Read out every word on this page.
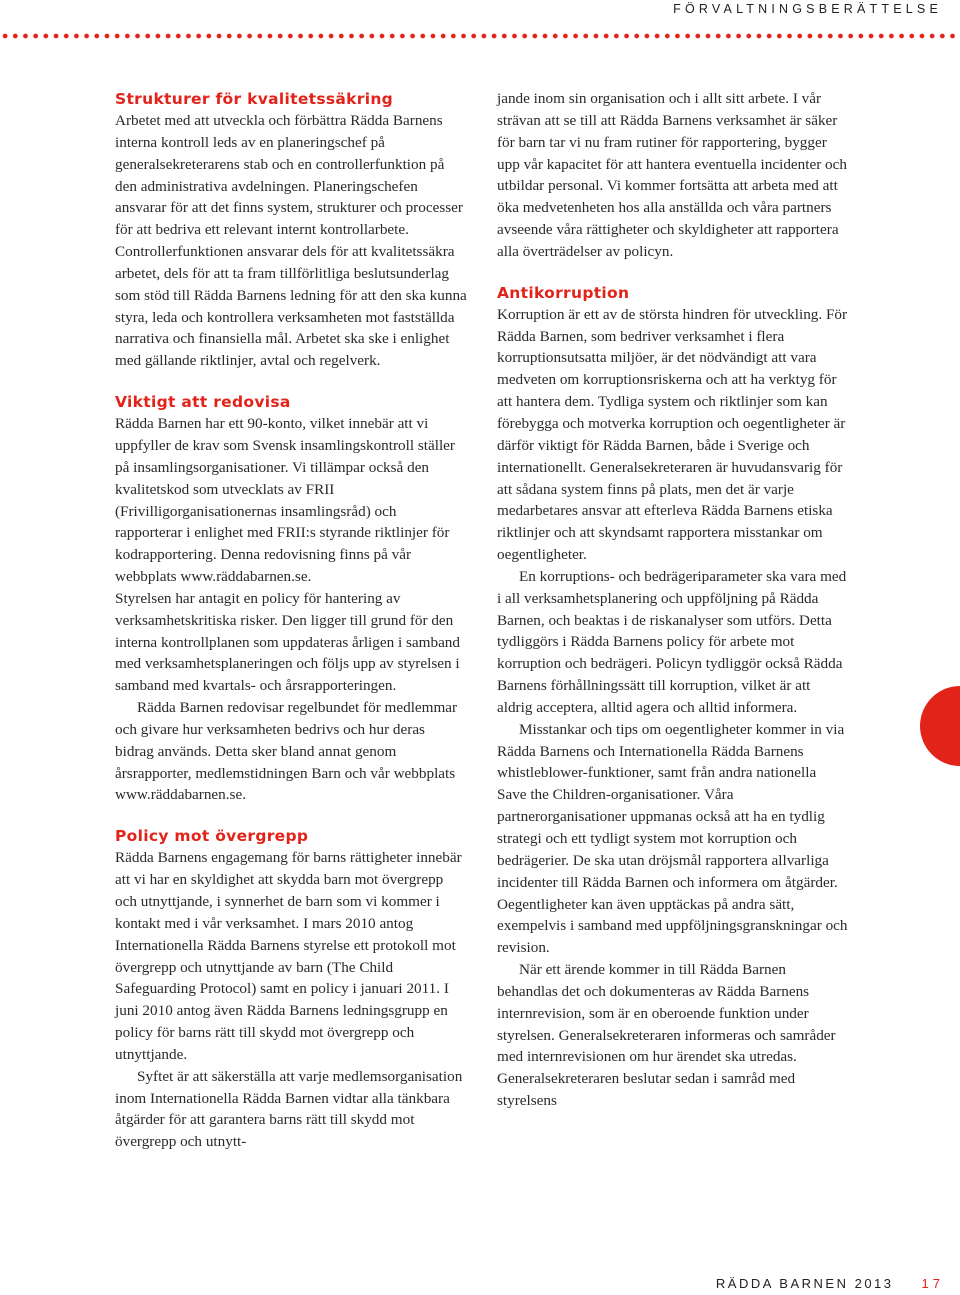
FÖRVALTNINGSBERÄTTELSE
Strukturer för kvalitetssäkring

Arbetet med att utveckla och förbättra Rädda Barnens interna kontroll leds av en planeringschef på generalsekreterarens stab och en controllerfunktion på den administrativa avdelningen. Planeringschefen ansvarar för att det finns system, strukturer och processer för att bedriva ett relevant internt kontrollarbete. Controllerfunktionen ansvarar dels för att kvalitetssäkra arbetet, dels för att ta fram tillförlitliga beslutsunderlag som stöd till Rädda Barnens ledning för att den ska kunna styra, leda och kontrollera verksamheten mot fastställda narrativa och finansiella mål. Arbetet ska ske i enlighet med gällande riktlinjer, avtal och regelverk.

Viktigt att redovisa

Rädda Barnen har ett 90-konto, vilket innebär att vi uppfyller de krav som Svensk insamlingskontroll ställer på insamlingsorganisationer. Vi tillämpar också den kvalitetskod som utvecklats av FRII (Frivilligorganisationernas insamlingsråd) och rapporterar i enlighet med FRII:s styrande riktlinjer för kodrapportering. Denna redovisning finns på vår webbplats www.räddabarnen.se.

Styrelsen har antagit en policy för hantering av verksamhetskritiska risker. Den ligger till grund för den interna kontrollplanen som uppdateras årligen i samband med verksamhetsplaneringen och följs upp av styrelsen i samband med kvartals- och årsrapporteringen.

Rädda Barnen redovisar regelbundet för medlemmar och givare hur verksamheten bedrivs och hur deras bidrag används. Detta sker bland annat genom årsrapporter, medlemstidningen Barn och vår webbplats www.räddabarnen.se.

Policy mot övergrepp

Rädda Barnens engagemang för barns rättigheter innebär att vi har en skyldighet att skydda barn mot övergrepp och utnyttjande, i synnerhet de barn som vi kommer i kontakt med i vår verksamhet. I mars 2010 antog Internationella Rädda Barnens styrelse ett protokoll mot övergrepp och utnyttjande av barn (The Child Safeguarding Protocol) samt en policy i januari 2011. I juni 2010 antog även Rädda Barnens ledningsgrupp en policy för barns rätt till skydd mot övergrepp och utnyttjande.

Syftet är att säkerställa att varje medlemsorganisation inom Internationella Rädda Barnen vidtar alla tänkbara åtgärder för att garantera barns rätt till skydd mot övergrepp och utnytt-

jande inom sin organisation och i allt sitt arbete. I vår strävan att se till att Rädda Barnens verksamhet är säker för barn tar vi nu fram rutiner för rapportering, bygger upp vår kapacitet för att hantera eventuella incidenter och utbildar personal. Vi kommer fortsätta att arbeta med att öka medvetenheten hos alla anställda och våra partners avseende våra rättigheter och skyldigheter att rapportera alla överträdelser av policyn.

Antikorruption

Korruption är ett av de största hindren för utveckling. För Rädda Barnen, som bedriver verksamhet i flera korruptionsutsatta miljöer, är det nödvändigt att vara medveten om korruptionsriskerna och att ha verktyg för att hantera dem. Tydliga system och riktlinjer som kan förebygga och motverka korruption och oegentligheter är därför viktigt för Rädda Barnen, både i Sverige och internationellt. Generalsekreteraren är huvudansvarig för att sådana system finns på plats, men det är varje medarbetares ansvar att efterleva Rädda Barnens etiska riktlinjer och att skyndsamt rapportera misstankar om oegentligheter.

En korruptions- och bedrägeriparameter ska vara med i all verksamhetsplanering och uppföljning på Rädda Barnen, och beaktas i de riskanalyser som utförs. Detta tydliggörs i Rädda Barnens policy för arbete mot korruption och bedrägeri. Policyn tydliggör också Rädda Barnens förhållningssätt till korruption, vilket är att aldrig acceptera, alltid agera och alltid informera.

Misstankar och tips om oegentligheter kommer in via Rädda Barnens och Internationella Rädda Barnens whistleblower-funktioner, samt från andra nationella Save the Children-organisationer. Våra partnerorganisationer uppmanas också att ha en tydlig strategi och ett tydligt system mot korruption och bedrägerier. De ska utan dröjsmål rapportera allvarliga incidenter till Rädda Barnen och informera om åtgärder. Oegentligheter kan även upptäckas på andra sätt, exempelvis i samband med uppföljningsgranskningar och revision.

När ett ärende kommer in till Rädda Barnen behandlas det och dokumenteras av Rädda Barnens internrevision, som är en oberoende funktion under styrelsen. Generalsekreteraren informeras och samråder med internrevisionen om hur ärendet ska utredas. Generalsekreteraren beslutar sedan i samråd med styrelsens

RÄDDA BARNEN 2013 17
